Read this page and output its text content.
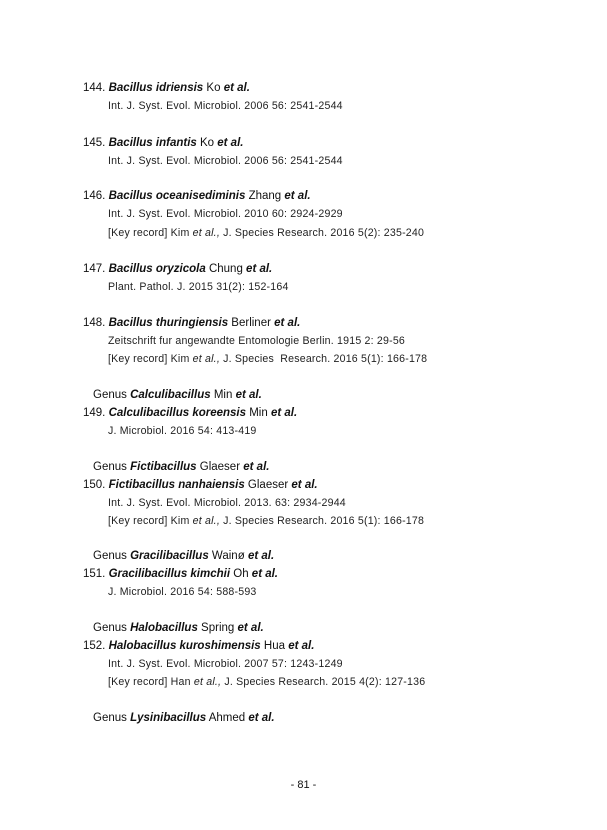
144. Bacillus idriensis Ko et al.
Int. J. Syst. Evol. Microbiol. 2006 56: 2541-2544
145. Bacillus infantis Ko et al.
Int. J. Syst. Evol. Microbiol. 2006 56: 2541-2544
146. Bacillus oceanisediminis Zhang et al.
Int. J. Syst. Evol. Microbiol. 2010 60: 2924-2929
[Key record] Kim et al., J. Species Research. 2016 5(2): 235-240
147. Bacillus oryzicola Chung et al.
Plant. Pathol. J. 2015 31(2): 152-164
148. Bacillus thuringiensis Berliner et al.
Zeitschrift fur angewandte Entomologie Berlin. 1915 2: 29-56
[Key record] Kim et al., J. Species  Research. 2016 5(1): 166-178
Genus Calculibacillus Min et al.
149. Calculibacillus koreensis Min et al.
J. Microbiol. 2016 54: 413-419
Genus Fictibacillus Glaeser et al.
150. Fictibacillus nanhaiensis Glaeser et al.
Int. J. Syst. Evol. Microbiol. 2013. 63: 2934-2944
[Key record] Kim et al., J. Species Research. 2016 5(1): 166-178
Genus Gracilibacillus Wainø et al.
151. Gracilibacillus kimchii Oh et al.
J. Microbiol. 2016 54: 588-593
Genus Halobacillus Spring et al.
152. Halobacillus kuroshimensis Hua et al.
Int. J. Syst. Evol. Microbiol. 2007 57: 1243-1249
[Key record] Han et al., J. Species Research. 2015 4(2): 127-136
Genus Lysinibacillus Ahmed et al.
- 81 -
